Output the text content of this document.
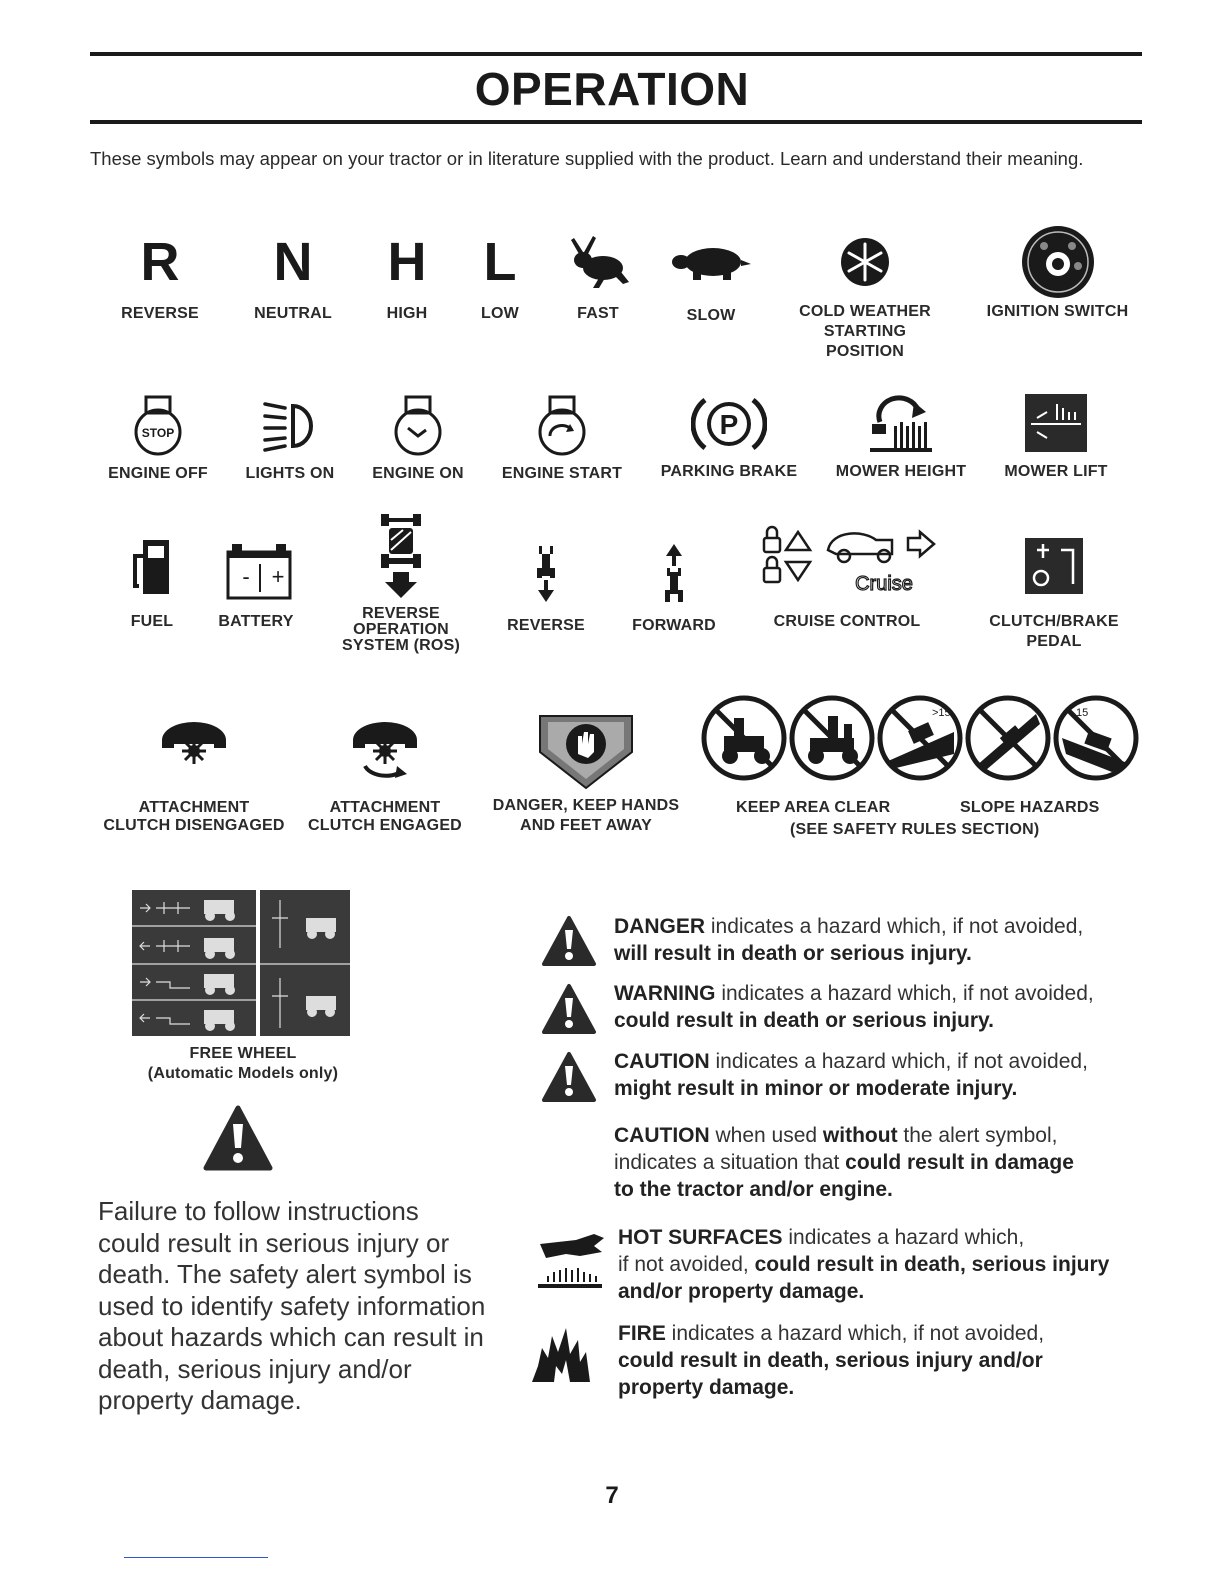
OPERATION
These symbols may appear on your tractor or in literature supplied with the product. Learn and understand their meaning.
R
REVERSE
N
NEUTRAL
H
HIGH
L
LOW	FAST	SLOW	COLD WEATHER
STARTING
POSITION
IGNITION SWITCH
STOP
ENGINE OFF	LIGHTS ON	ENGINE ON	ENGINE START
P
PARKING BRAKE	MOWER HEIGHT	MOWER LIFT
FUEL
- +
BATTERY	REVERSE
OPERATION
SYSTEM (ROS)
REVERSE	FORWARD
Cruise
CRUISE CONTROL	CLUTCH/BRAKE
PEDAL
ATTACHMENT
CLUTCH DISENGAGED
ATTACHMENT
CLUTCH ENGAGED
DANGER, KEEP HANDS
AND FEET AWAY
>15	15
KEEP AREA CLEAR	SLOPE HAZARDS
(SEE SAFETY RULES SECTION)
FREE WHEEL
(Automatic Models only)
Failure to follow instructions could result in serious injury or death. The safety alert symbol is used to identify safety information about hazards which can result in death, serious injury and/or property damage.
DANGER indicates a hazard which, if not avoided,
will result in death or serious injury.
WARNING indicates a hazard which, if not avoided,
could result in death or serious injury.
CAUTION indicates a hazard which, if not avoided,
might result in minor or moderate injury.
CAUTION when used without the alert symbol,
indicates a situation that could result in damage
to the tractor and/or engine.
HOT SURFACES indicates a hazard which,
if not avoided, could result in death, serious injury
and/or property damage.
FIRE indicates a hazard which, if not avoided,
could result in death, serious injury and/or
property damage.
7
